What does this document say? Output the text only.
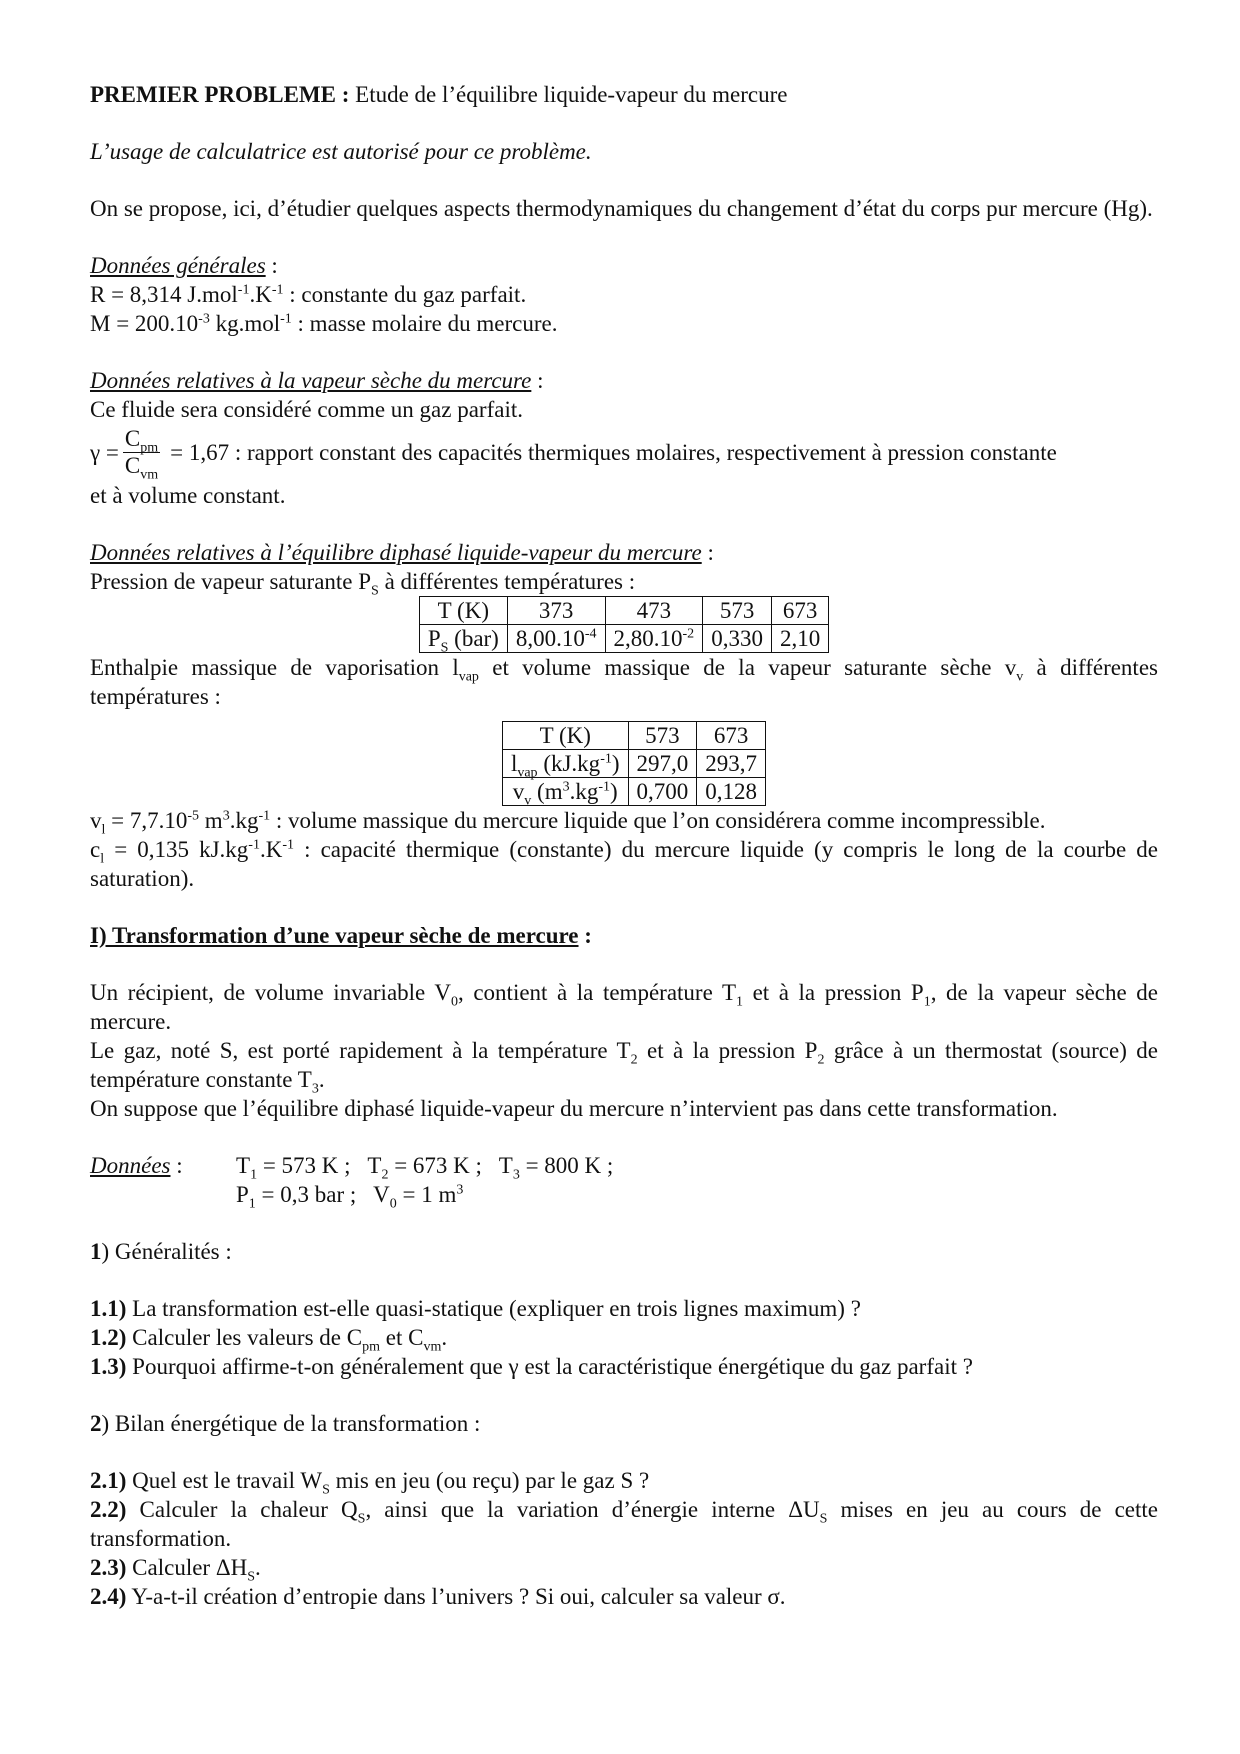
PREMIER PROBLEME : Etude de l’équilibre liquide-vapeur du mercure

L’usage de calculatrice est autorisé pour ce problème.

On se propose, ici, d’étudier quelques aspects thermodynamiques du changement d’état du corps pur mercure (Hg).

Données générales :

R = 8,314 $J.mol^{-1}.K^{-1}$ : constante du gaz parfait.

$M = 200.10^{-3}$ kg.mol$^{-1}$ : masse molaire du mercure.

Données relatives à la vapeur sèche du mercure :

Ce fluide sera considéré comme un gaz parfait.

$\gamma = \frac{C_{pm}}{C_{vm}} = 1,67$ : rapport constant des capacités thermiques molaires, respectivement à pression constante

et à volume constant.

Données relatives à l’équilibre diphasé liquide-vapeur du mercure :

Pression de vapeur saturante $P_S$ à différentes températures :

T (K)	373	473	573	673
$P_S$ (bar)	$8,00.10^{-4}$	$2,80.10^{-2}$	0,330	2,10

Enthalpie massique de vaporisation $l_{vap}$ et volume massique de la vapeur saturante sèche $v_v$ à différentes températures :

T (K)	573	673
$l_{vap}$ $(kJ.kg^{-1})$	297,0	293,7
$v_v$ $(m^3.kg^{-1})$	0,700	0,128

$v_l = 7,7.10^{-5}$ $m^3.kg^{-1}$ : volume massique du mercure liquide que l’on considérera comme incompressible.

$c_l = 0,135$ $kJ.kg^{-1}.K^{-1}$ : capacité thermique (constante) du mercure liquide (y compris le long de la courbe de saturation).

I) Transformation d’une vapeur sèche de mercure :

Un récipient, de volume invariable $V_0$, contient à la température $T_1$ et à la pression $P_1$, de la vapeur sèche de mercure.

Le gaz, noté S, est porté rapidement à la température $T_2$ et à la pression $P_2$ grâce à un thermostat (source) de température constante $T_3$.

On suppose que l’équilibre diphasé liquide-vapeur du mercure n’intervient pas dans cette transformation.

Données :	$T_1 = 573$ K ;   $T_2 = 673$ K ;   $T_3 = 800$ K ;
$P_1 = 0,3$ bar ;   $V_0 = 1$ $m^3$

1) Généralités :

1.1) La transformation est-elle quasi-statique (expliquer en trois lignes maximum) ?

1.2) Calculer les valeurs de $C_{pm}$ et $C_{vm}$.

1.3) Pourquoi affirme-t-on généralement que γ est la caractéristique énergétique du gaz parfait ?

2) Bilan énergétique de la transformation :

2.1) Quel est le travail $W_S$ mis en jeu (ou reçu) par le gaz S ?

2.2) Calculer la chaleur $Q_S$, ainsi que la variation d’énergie interne $\Delta U_S$ mises en jeu au cours de cette transformation.

2.3) Calculer $\Delta H_S$.

2.4) Y-a-t-il création d’entropie dans l’univers ? Si oui, calculer sa valeur σ.
